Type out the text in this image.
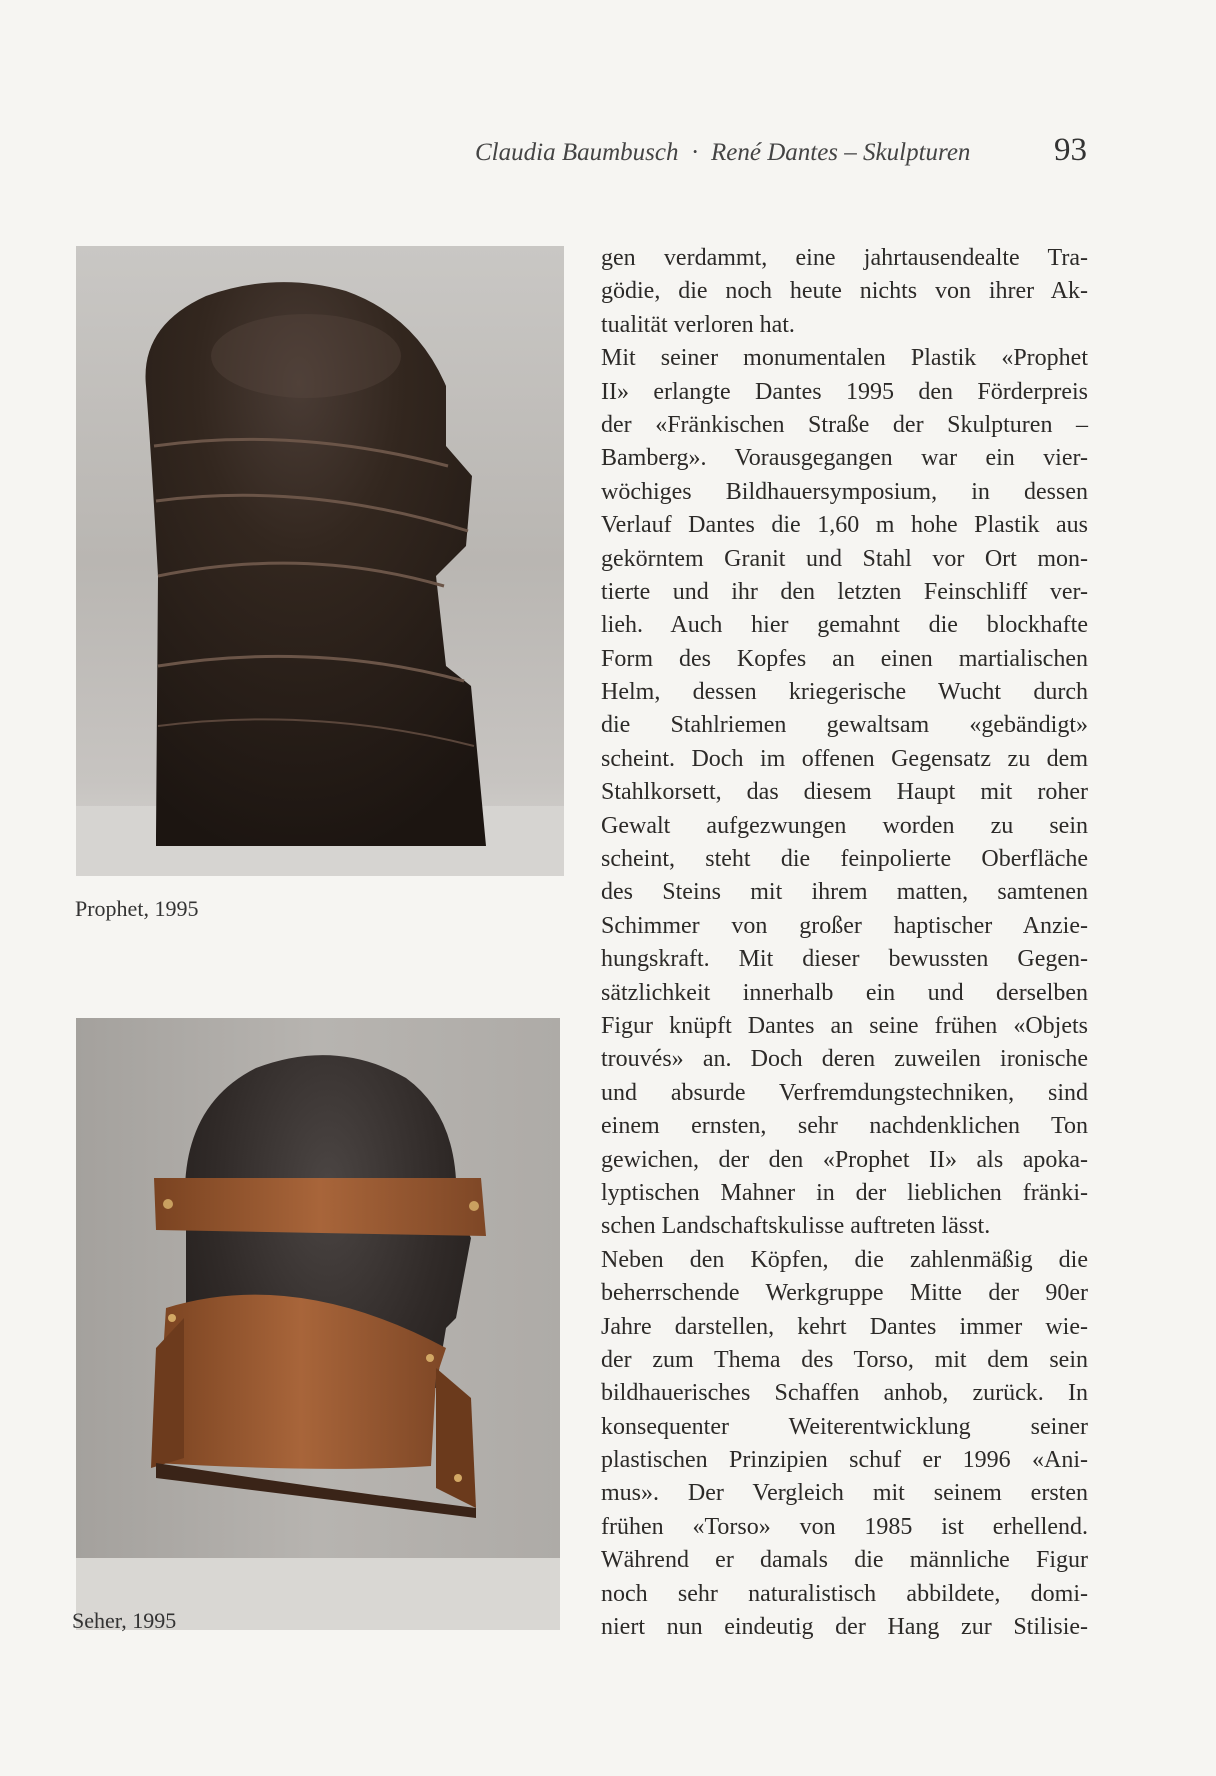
Claudia Baumbusch · René Dantes – Skulpturen	93
Prophet, 1995
Seher, 1995
gen verdammt, eine jahrtausendealte Tra-
gödie, die noch heute nichts von ihrer Ak-
tualität verloren hat.
Mit seiner monumentalen Plastik «Prophet
II» erlangte Dantes 1995 den Förderpreis
der «Fränkischen Straße der Skulpturen –
Bamberg». Vorausgegangen war ein vier-
wöchiges Bildhauersymposium, in dessen
Verlauf Dantes die 1,60 m hohe Plastik aus
gekörntem Granit und Stahl vor Ort mon-
tierte und ihr den letzten Feinschliff ver-
lieh. Auch hier gemahnt die blockhafte
Form des Kopfes an einen martialischen
Helm, dessen kriegerische Wucht durch
die Stahlriemen gewaltsam «gebändigt»
scheint. Doch im offenen Gegensatz zu dem
Stahlkorsett, das diesem Haupt mit roher
Gewalt aufgezwungen worden zu sein
scheint, steht die feinpolierte Oberfläche
des Steins mit ihrem matten, samtenen
Schimmer von großer haptischer Anzie-
hungskraft. Mit dieser bewussten Gegen-
sätzlichkeit innerhalb ein und derselben
Figur knüpft Dantes an seine frühen «Objets
trouvés» an. Doch deren zuweilen ironische
und absurde Verfremdungstechniken, sind
einem ernsten, sehr nachdenklichen Ton
gewichen, der den «Prophet II» als apoka-
lyptischen Mahner in der lieblichen fränki-
schen Landschaftskulisse auftreten lässt.
Neben den Köpfen, die zahlenmäßig die
beherrschende Werkgruppe Mitte der 90er
Jahre darstellen, kehrt Dantes immer wie-
der zum Thema des Torso, mit dem sein
bildhauerisches Schaffen anhob, zurück. In
konsequenter Weiterentwicklung seiner
plastischen Prinzipien schuf er 1996 «Ani-
mus». Der Vergleich mit seinem ersten
frühen «Torso» von 1985 ist erhellend.
Während er damals die männliche Figur
noch sehr naturalistisch abbildete, domi-
niert nun eindeutig der Hang zur Stilisie-
